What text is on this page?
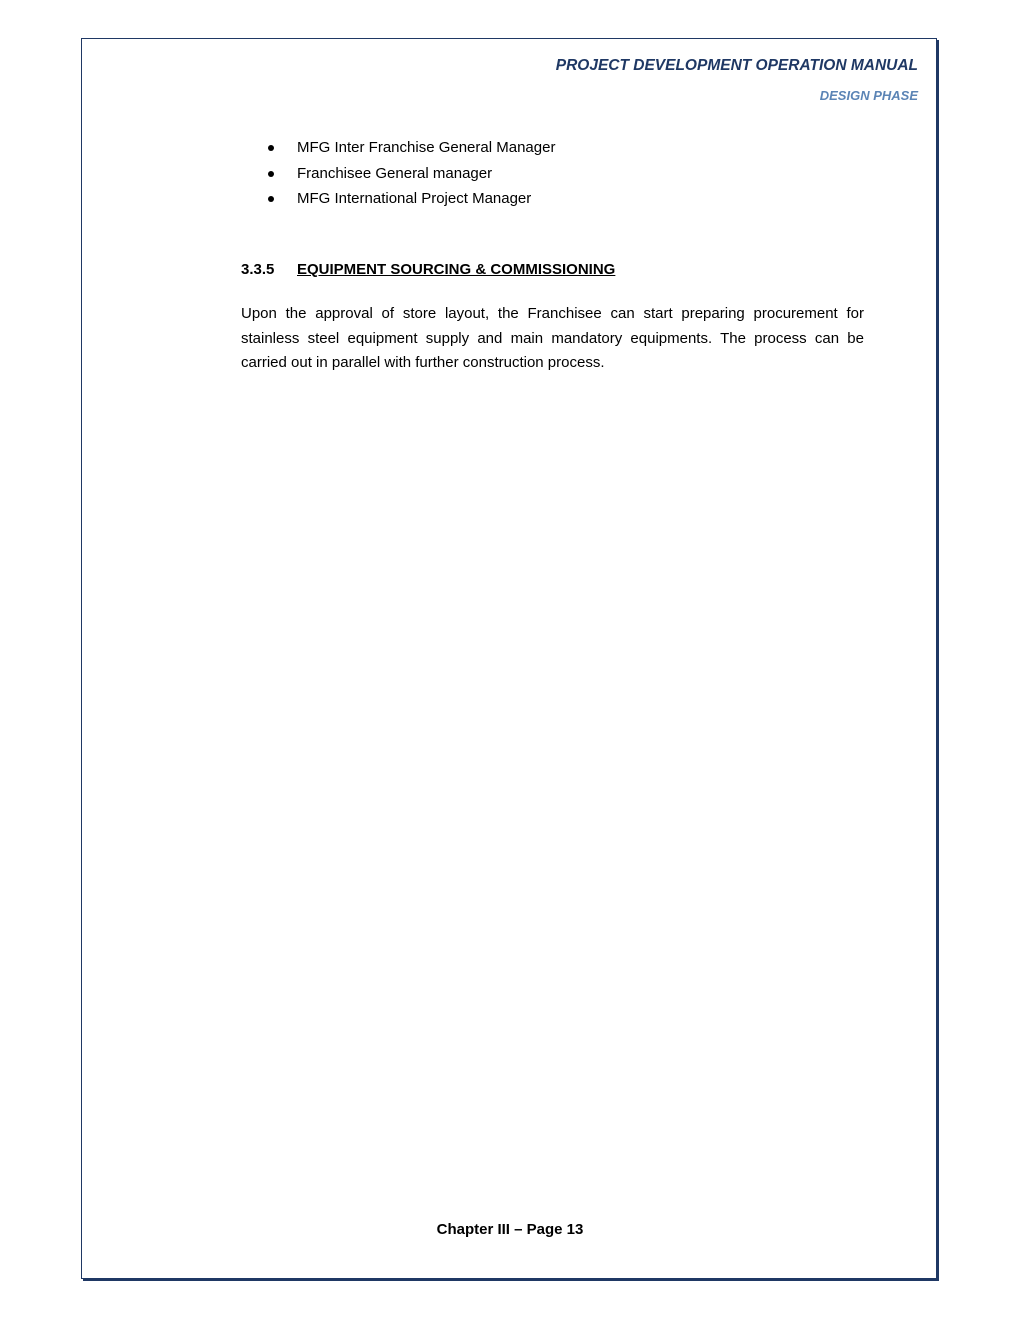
PROJECT DEVELOPMENT OPERATION MANUAL
DESIGN PHASE
MFG Inter Franchise General Manager
Franchisee General manager
MFG International Project Manager
3.3.5 EQUIPMENT SOURCING & COMMISSIONING

Upon the approval of store layout, the Franchisee can start preparing procurement for stainless steel equipment supply and main mandatory equipments. The process can be carried out in parallel with further construction process.

Chapter III – Page 13
